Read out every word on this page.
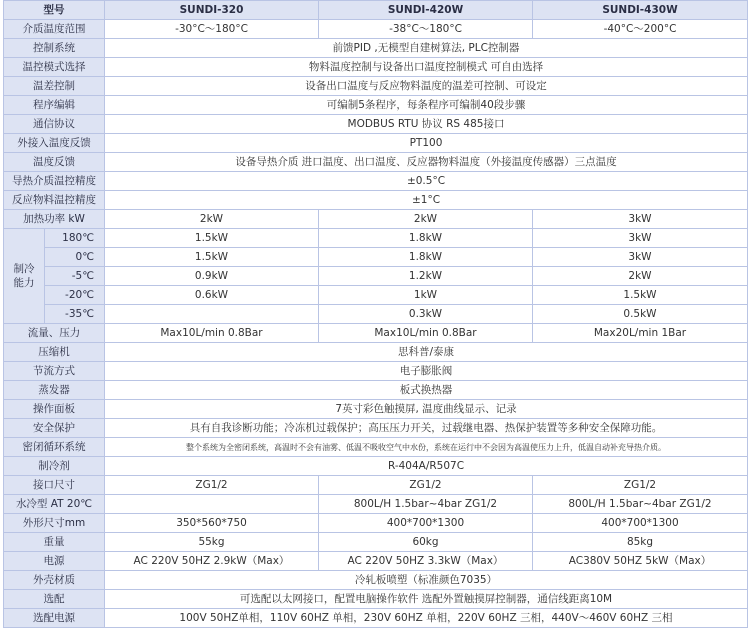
型号		SUNDI-320	SUNDI-420W	SUNDI-430W
介质温度范围		-30°C～180°C	-38°C～180°C	-40°C～200°C
控制系统		前馈PID ,无模型自建树算法, PLC控制器		
温控模式选择		物料温度控制与设备出口温度控制模式 可自由选择		
温差控制		设备出口温度与反应物料温度的温差可控制、可设定		
程序编辑		可编制5条程序，每条程序可编制40段步骤		
通信协议		MODBUS RTU 协议 RS 485接口		
外接入温度反馈		PT100		
温度反馈		设备导热介质 进口温度、出口温度、反应器物料温度（外接温度传感器）三点温度		
导热介质温控精度		±0.5°C		
反应物料温控精度		±1°C		
加热功率 kW		2kW	2kW	3kW
制冷
能力	180℃	1.5kW	1.8kW	3kW
	0℃	1.5kW	1.8kW	3kW
	-5℃	0.9kW	1.2kW	2kW
	-20℃	0.6kW	1kW	1.5kW
	-35℃		0.3kW	0.5kW
流量、压力		Max10L/min 0.8Bar	Max10L/min 0.8Bar	Max20L/min 1Bar
压缩机		思科普/泰康		
节流方式		电子膨胀阀		
蒸发器		板式换热器		
操作面板		7英寸彩色触摸屏, 温度曲线显示、记录		
安全保护		具有自我诊断功能；冷冻机过载保护；高压压力开关，过载继电器、热保护装置等多种安全保障功能。		
密闭循环系统		整个系统为全密闭系统，高温时不会有油雾、低温不吸收空气中水份，系统在运行中不会因为高温使压力上升，低温自动补充导热介质。		
制冷剂		R-404A/R507C		
接口尺寸		ZG1/2	ZG1/2	ZG1/2
水冷型 AT 20℃			800L/H 1.5bar~4bar ZG1/2	800L/H 1.5bar~4bar ZG1/2
外形尺寸mm		350*560*750	400*700*1300	400*700*1300
重量		55kg	60kg	85kg
电源		AC 220V 50HZ 2.9kW（Max）	AC 220V 50HZ 3.3kW（Max）	AC380V 50HZ 5kW（Max）
外壳材质		冷轧板喷塑（标准颜色7035）		
选配		可选配以太网接口，配置电脑操作软件 选配外置触摸屏控制器，通信线距离10M		
选配电源		100V 50HZ单相，110V 60HZ 单相，230V 60HZ 单相，220V 60HZ 三相，440V～460V 60HZ 三相		
